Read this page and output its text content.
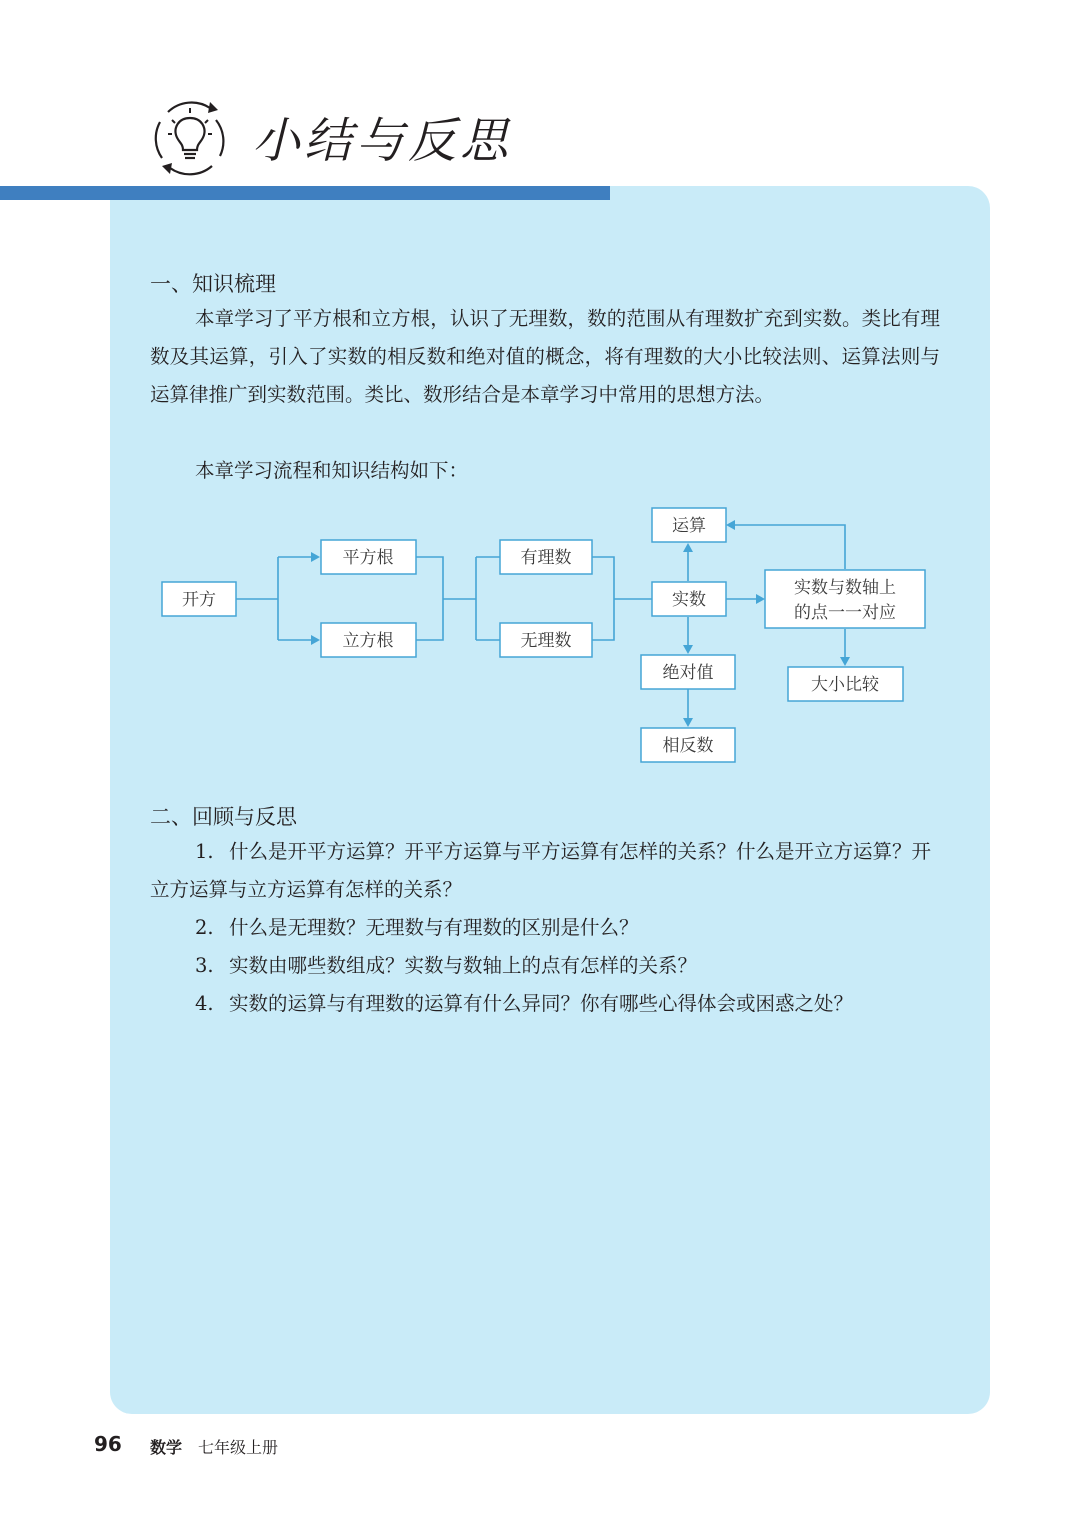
小结与反思
一、知识梳理

本章学习了平方根和立方根，认识了无理数，数的范围从有理数扩充到实数。类比有理数及其运算，引入了实数的相反数和绝对值的概念，将有理数的大小比较法则、运算法则与运算律推广到实数范围。类比、数形结合是本章学习中常用的思想方法。

本章学习流程和知识结构如下：
开方
平方根
立方根
有理数
无理数
运算
实数
绝对值
相反数
实数与数轴上
的点一一对应
大小比较
二、回顾与反思
1. 什么是开平方运算？开平方运算与平方运算有怎样的关系？什么是开立方运算？开立方运算与立方运算有怎样的关系？
2. 什么是无理数？无理数与有理数的区别是什么？
3. 实数由哪些数组成？实数与数轴上的点有怎样的关系？
4. 实数的运算与有理数的运算有什么异同？你有哪些心得体会或困惑之处？
96 数学 七年级上册
